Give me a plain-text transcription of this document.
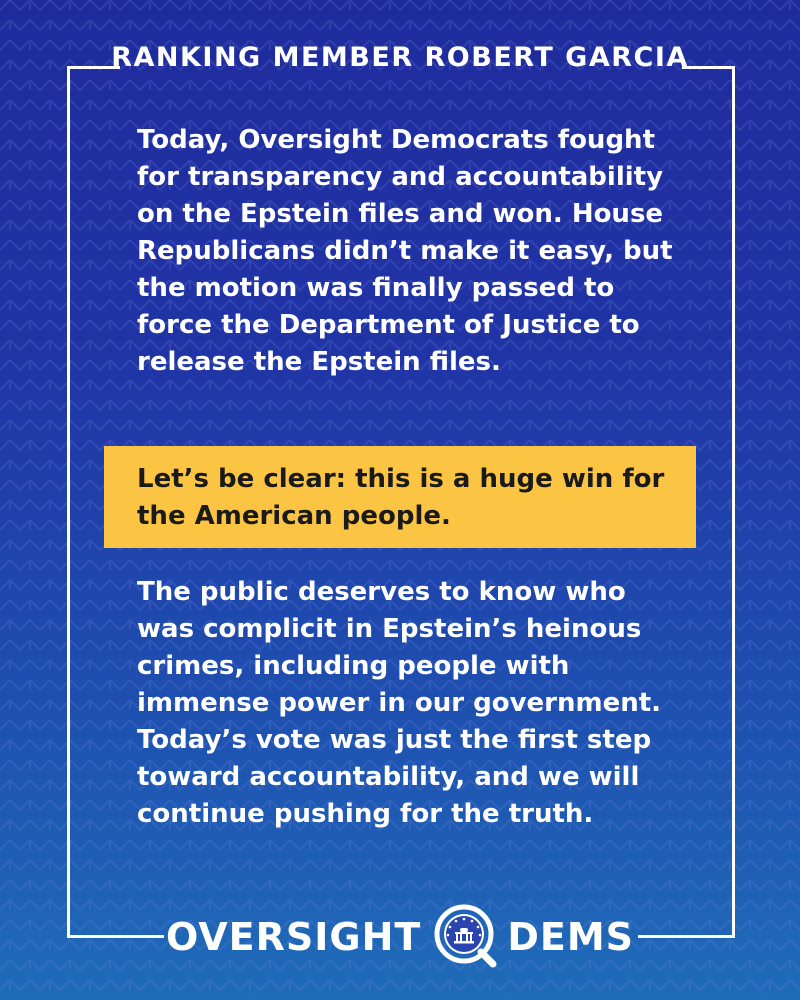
RANKING MEMBER ROBERT GARCIA

Today, Oversight Democrats fought for transparency and accountability on the Epstein files and won. House Republicans didn’t make it easy, but the motion was finally passed to force the Department of Justice to release the Epstein files.

Let’s be clear: this is a huge win for the American people.

The public deserves to know who was complicit in Epstein’s heinous crimes, including people with immense power in our government. Today’s vote was just the first step toward accountability, and we will continue pushing for the truth.

OVERSIGHT DEMS
